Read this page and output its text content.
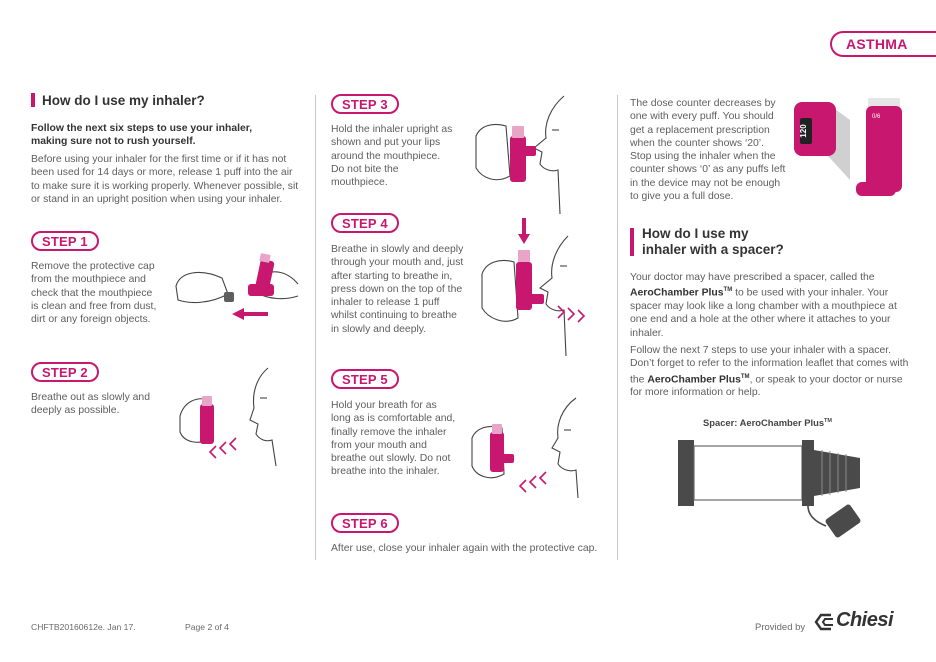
ASTHMA
How do I use my inhaler?
Follow the next six steps to use your inhaler, making sure not to rush yourself.
Before using your inhaler for the first time or if it has not been used for 14 days or more, release 1 puff into the air to make sure it is working properly. Whenever possible, sit or stand in an upright position when using your inhaler.
STEP 1
Remove the protective cap from the mouthpiece and check that the mouthpiece is clean and free from dust, dirt or any foreign objects.
STEP 2
Breathe out as slowly and deeply as possible.
STEP 3
Hold the inhaler upright as shown and put your lips around the mouthpiece. Do not bite the mouthpiece.
STEP 4
Breathe in slowly and deeply through your mouth and, just after starting to breathe in, press down on the top of the inhaler to release 1 puff whilst continuing to breathe in slowly and deeply.
STEP 5
Hold your breath for as long as is comfortable and, finally remove the inhaler from your mouth and breathe out slowly. Do not breathe into the inhaler.
STEP 6
After use, close your inhaler again with the protective cap.
The dose counter decreases by one with every puff. You should get a replacement prescription when the counter shows ‘20’. Stop using the inhaler when the counter shows ‘0’ as any puffs left in the device may not be enough to give you a full dose.
120
0/6
How do I use my
inhaler with a spacer?
Your doctor may have prescribed a spacer, called the AeroChamber Plus™ to be used with your inhaler. Your spacer may look like a long chamber with a mouthpiece at one end and a hole at the other where it attaches to your inhaler.
Follow the next 7 steps to use your inhaler with a spacer. Don’t forget to refer to the information leaflet that comes with the AeroChamber Plus™, or speak to your doctor or nurse for more information or help.
Spacer: AeroChamber Plus™
CHFTB20160612e. Jan 17.	Page 2 of 4	Provided by Chiesi
